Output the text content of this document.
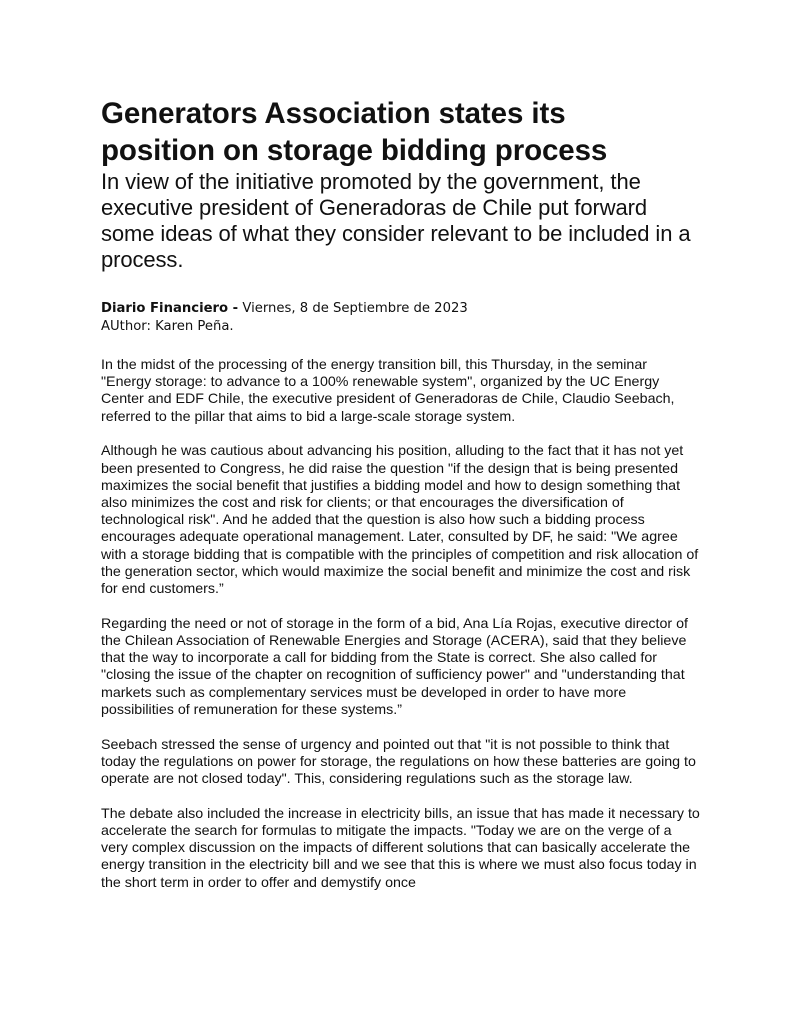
Generators Association states its
position on storage bidding process

In view of the initiative promoted by the government, the executive president of Generadoras de Chile put forward some ideas of what they consider relevant to be included in a process.

Diario Financiero - Viernes, 8 de Septiembre de 2023
AUthor: Karen Peña.

In the midst of the processing of the energy transition bill, this Thursday, in the seminar "Energy storage: to advance to a 100% renewable system", organized by the UC Energy Center and EDF Chile, the executive president of Generadoras de Chile, Claudio Seebach, referred to the pillar that aims to bid a large-scale storage system.

Although he was cautious about advancing his position, alluding to the fact that it has not yet been presented to Congress, he did raise the question "if the design that is being presented maximizes the social benefit that justifies a bidding model and how to design something that also minimizes the cost and risk for clients; or that encourages the diversification of technological risk". And he added that the question is also how such a bidding process encourages adequate operational management. Later, consulted by DF, he said: "We agree with a storage bidding that is compatible with the principles of competition and risk allocation of the generation sector, which would maximize the social benefit and minimize the cost and risk for end customers.”

Regarding the need or not of storage in the form of a bid, Ana Lía Rojas, executive director of the Chilean Association of Renewable Energies and Storage (ACERA), said that they believe that the way to incorporate a call for bidding from the State is correct. She also called for "closing the issue of the chapter on recognition of sufficiency power" and "understanding that markets such as complementary services must be developed in order to have more possibilities of remuneration for these systems.”

Seebach stressed the sense of urgency and pointed out that "it is not possible to think that today the regulations on power for storage, the regulations on how these batteries are going to operate are not closed today". This, considering regulations such as the storage law.

The debate also included the increase in electricity bills, an issue that has made it necessary to accelerate the search for formulas to mitigate the impacts. "Today we are on the verge of a very complex discussion on the impacts of different solutions that can basically accelerate the energy transition in the electricity bill and we see that this is where we must also focus today in the short term in order to offer and demystify once
